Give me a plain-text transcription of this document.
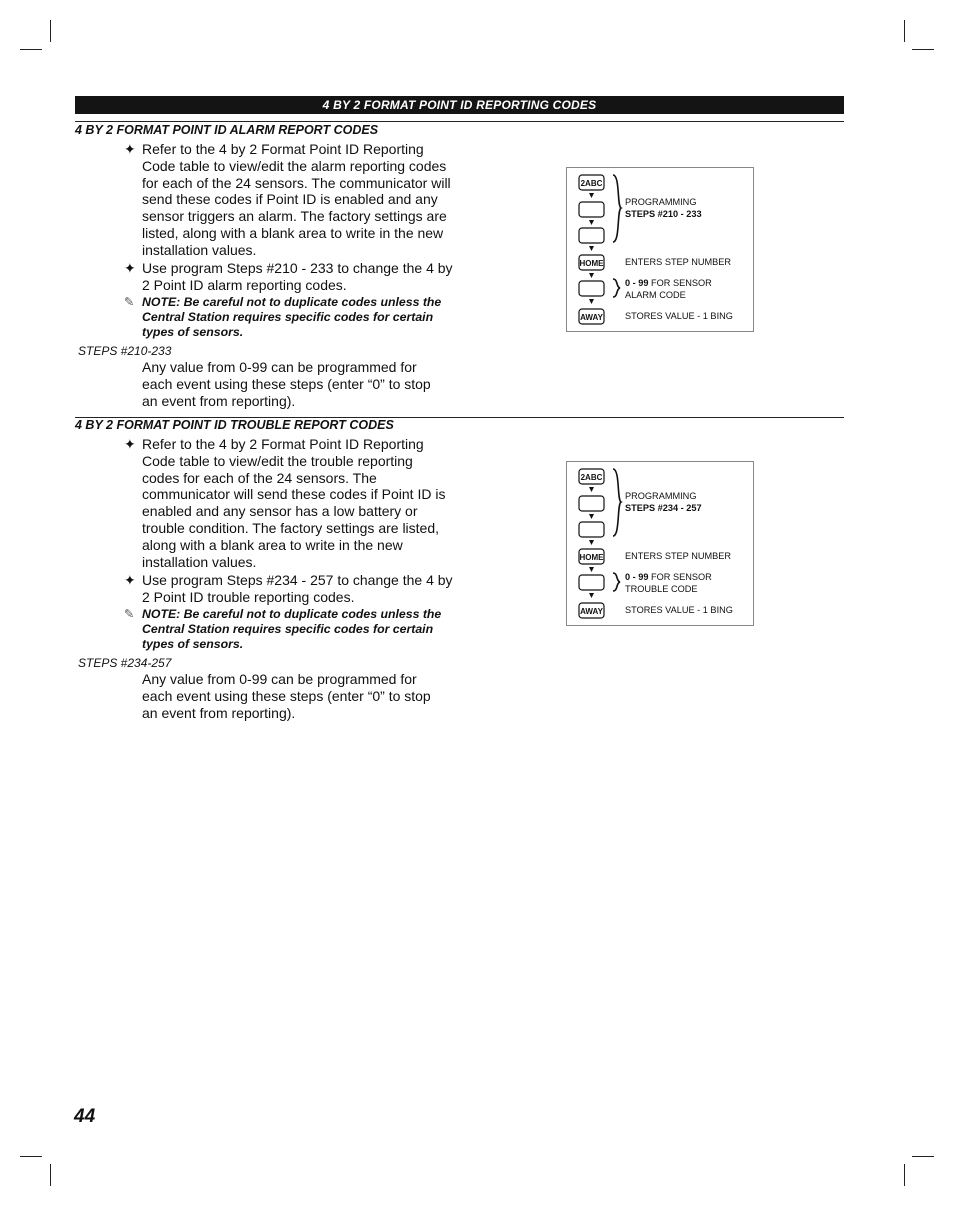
4 BY 2 FORMAT POINT ID REPORTING CODES
4 BY 2 FORMAT POINT ID ALARM REPORT CODES
✦ Refer to the 4 by 2 Format Point ID Reporting Code table to view/edit the alarm reporting codes for each of the 24 sensors. The communicator will send these codes if Point ID is enabled and any sensor triggers an alarm. The factory settings are listed, along with a blank area to write in the new installation values.
✦ Use program Steps #210 - 233 to change the 4 by 2 Point ID alarm reporting codes.
✎ NOTE: Be careful not to duplicate codes unless the Central Station requires specific codes for certain types of sensors.
STEPS #210-233
Any value from 0-99 can be programmed for each event using these steps (enter “0” to stop an event from reporting).
2ABC
HOME
AWAY
PROGRAMMING
STEPS #210 - 233
ENTERS STEP NUMBER
0 - 99 FOR SENSOR
ALARM CODE
STORES VALUE - 1 BING
4 BY 2 FORMAT POINT ID TROUBLE REPORT CODES
✦ Refer to the 4 by 2 Format Point ID Reporting Code table to view/edit the trouble reporting codes for each of the 24 sensors. The communicator will send these codes if Point ID is enabled and any sensor has a low battery or trouble condition. The factory settings are listed, along with a blank area to write in the new installation values.
✦ Use program Steps #234 - 257 to change the 4 by 2 Point ID trouble reporting codes.
✎ NOTE: Be careful not to duplicate codes unless the Central Station requires specific codes for certain types of sensors.
STEPS #234-257
Any value from 0-99 can be programmed for each event using these steps (enter “0” to stop an event from reporting).
2ABC
HOME
AWAY
PROGRAMMING
STEPS #234 - 257
ENTERS STEP NUMBER
0 - 99 FOR SENSOR
TROUBLE CODE
STORES VALUE - 1 BING
44
